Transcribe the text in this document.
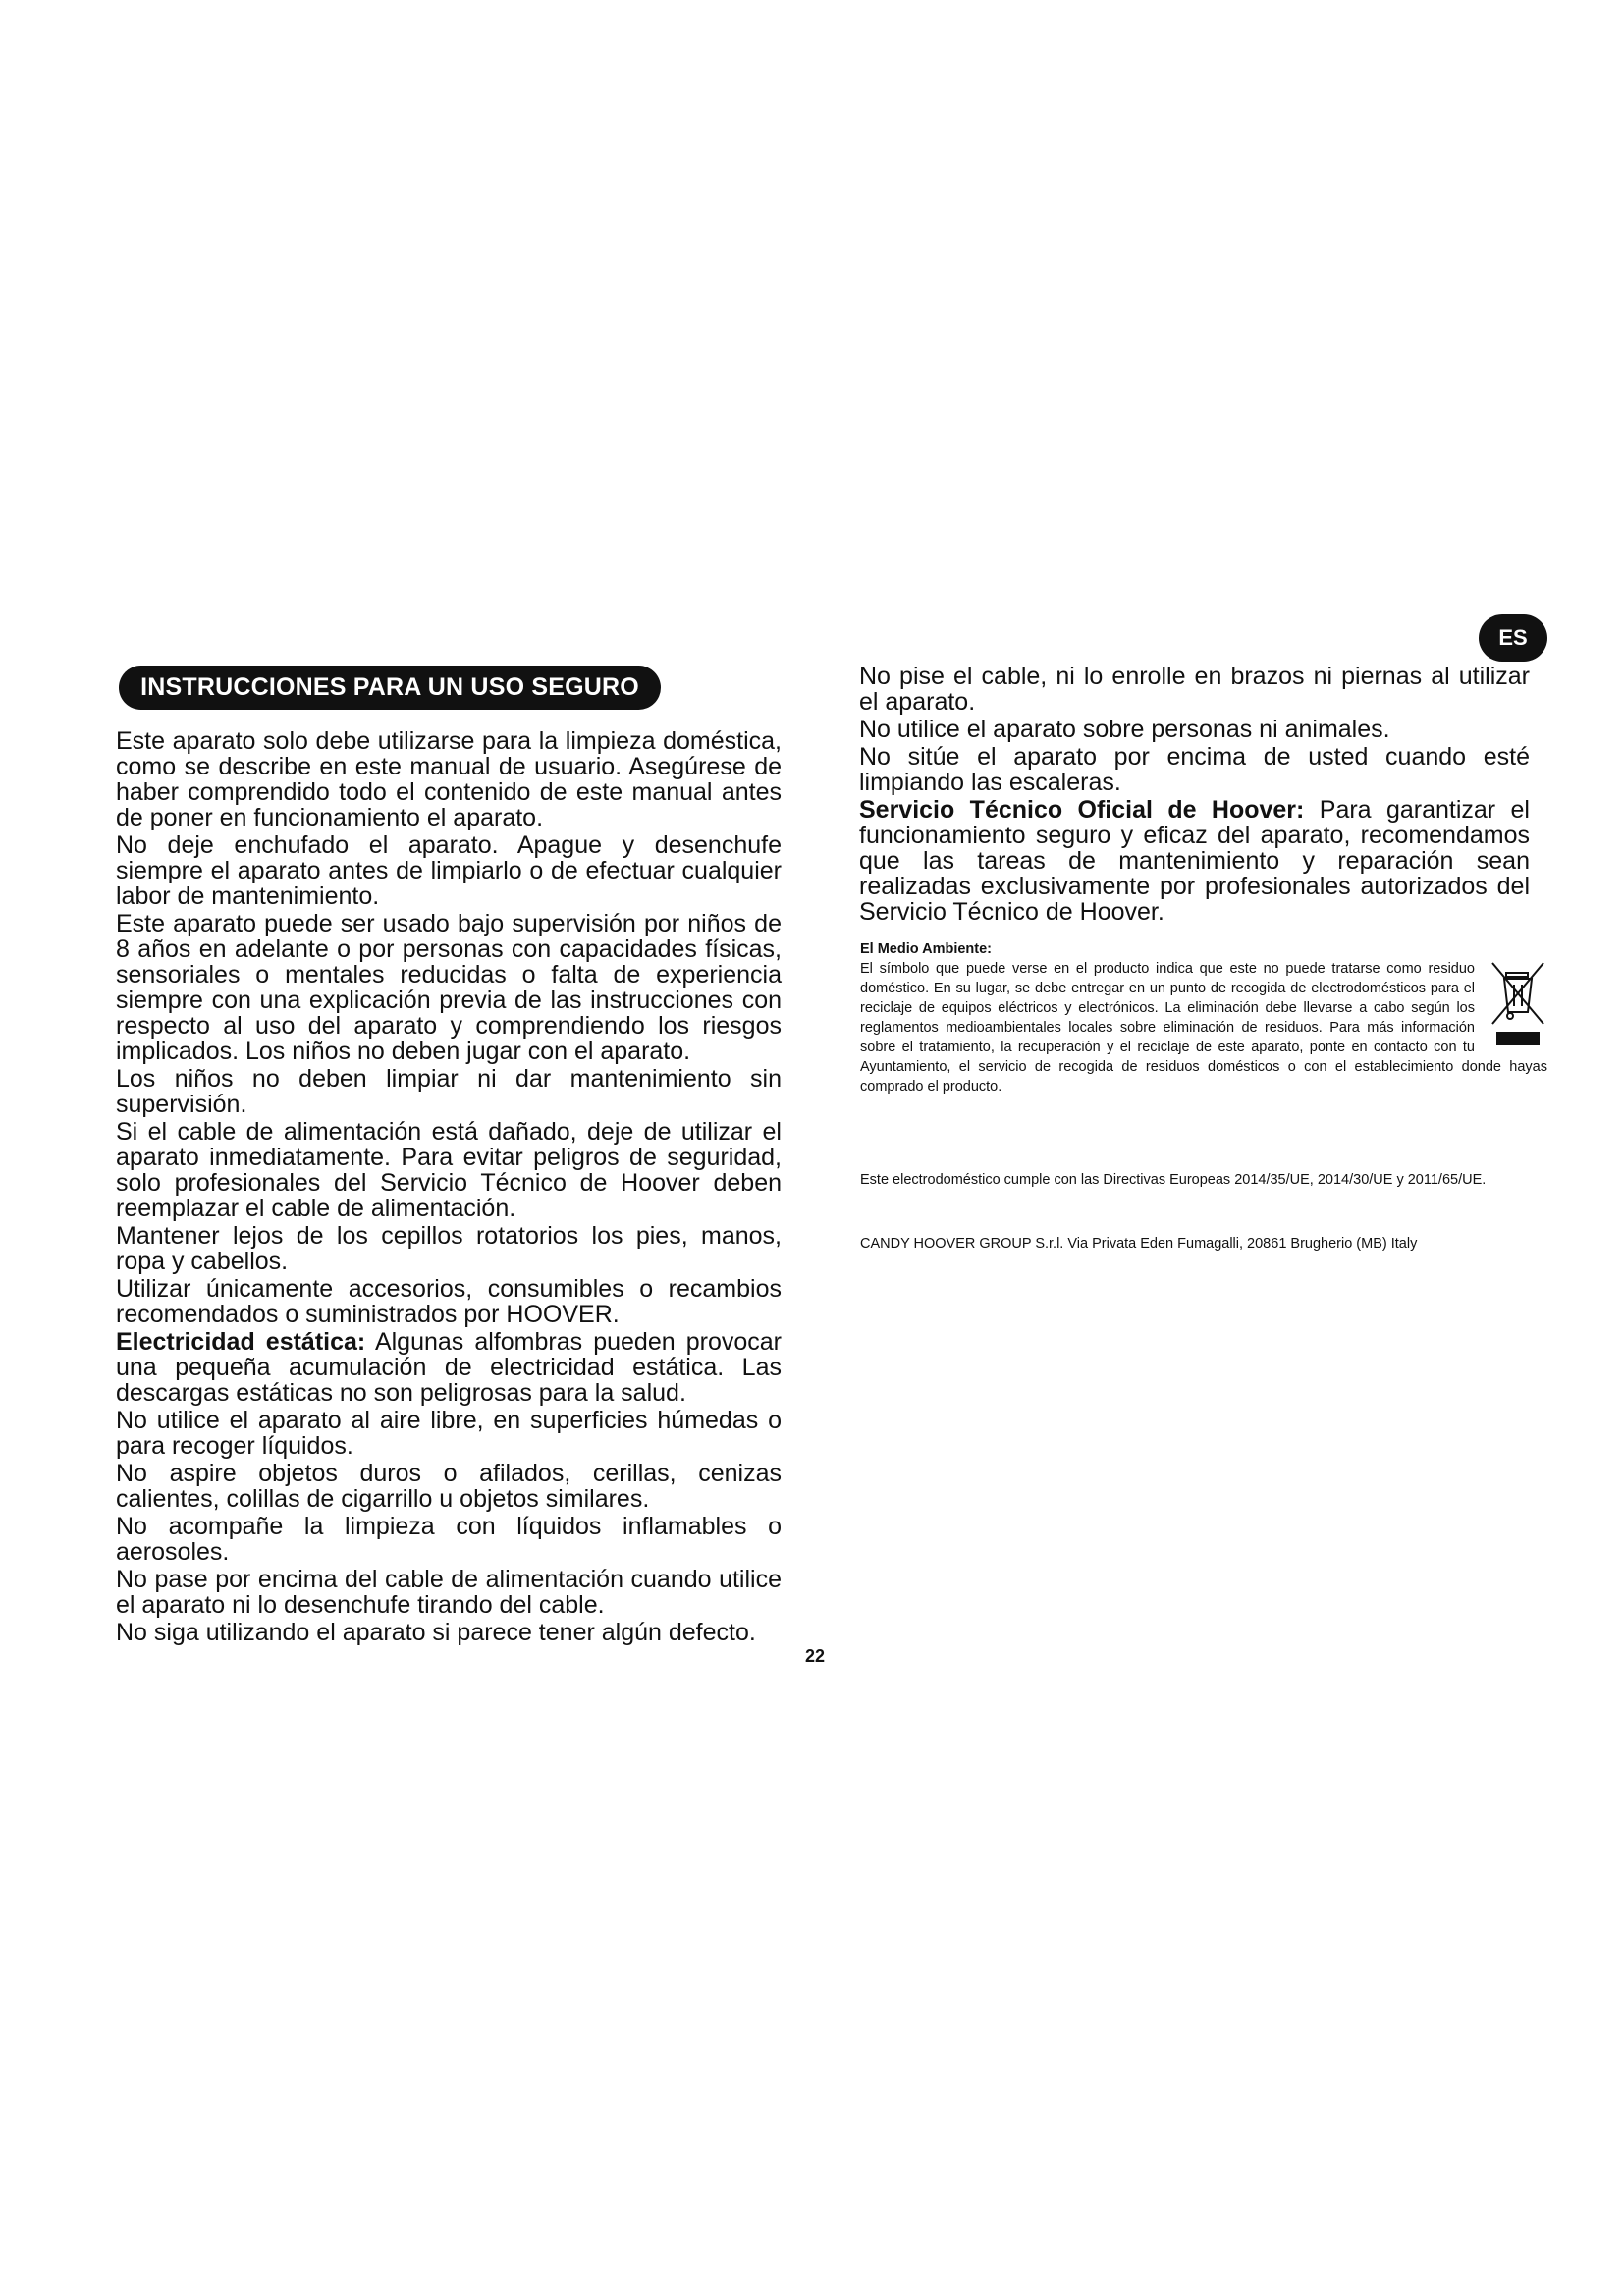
INSTRUCCIONES PARA UN USO SEGURO
ES

Este aparato solo debe utilizarse para la limpieza doméstica, como se describe en este manual de usuario. Asegúrese de haber comprendido todo el contenido de este manual antes de poner en funcionamiento el aparato.

No deje enchufado el aparato. Apague y desenchufe siempre el aparato antes de limpiarlo o de efectuar cualquier labor de mantenimiento.

Este aparato puede ser usado bajo supervisión por niños de 8 años en adelante o por personas con capacidades físicas, sensoriales o mentales reducidas o falta de experiencia siempre con una explicación previa de las instrucciones con respecto al uso del aparato y comprendiendo los riesgos implicados. Los niños no deben jugar con el aparato.

Los niños no deben limpiar ni dar mantenimiento sin supervisión.

Si el cable de alimentación está dañado, deje de utilizar el aparato inmediatamente. Para evitar peligros de seguridad, solo profesionales del Servicio Técnico de Hoover deben reemplazar el cable de alimentación.

Mantener lejos de los cepillos rotatorios los pies, manos, ropa y cabellos.

Utilizar únicamente accesorios, consumibles o recambios recomendados o suministrados por HOOVER.

Electricidad estática: Algunas alfombras pueden provocar una pequeña acumulación de electricidad estática. Las descargas estáticas no son peligrosas para la salud.

No utilice el aparato al aire libre, en superficies húmedas o para recoger líquidos.

No aspire objetos duros o afilados, cerillas, cenizas calientes, colillas de cigarrillo u objetos similares.

No acompañe la limpieza con líquidos inflamables o aerosoles.

No pase por encima del cable de alimentación cuando utilice el aparato ni lo desenchufe tirando del cable.

No siga utilizando el aparato si parece tener algún defecto.

No pise el cable, ni lo enrolle en brazos ni piernas al utilizar el aparato.

No utilice el aparato sobre personas ni animales.

No sitúe el aparato por encima de usted cuando esté limpiando las escaleras.

Servicio Técnico Oficial de Hoover: Para garantizar el funcionamiento seguro y eficaz del aparato, recomendamos que las tareas de mantenimiento y reparación sean realizadas exclusivamente por profesionales autorizados del Servicio Técnico de Hoover.

El Medio Ambiente:

El símbolo que puede verse en el producto indica que este no puede tratarse como residuo doméstico. En su lugar, se debe entregar en un punto de recogida de electrodomésticos para el reciclaje de equipos eléctricos y electrónicos. La eliminación debe llevarse a cabo según los reglamentos medioambientales locales sobre eliminación de residuos. Para más información sobre el tratamiento, la recuperación y el reciclaje de este aparato, ponte en contacto con tu Ayuntamiento, el servicio de recogida de residuos domésticos o con el establecimiento donde hayas comprado el producto.

Este electrodoméstico cumple con las Directivas Europeas 2014/35/UE, 2014/30/UE y 2011/65/UE.

CANDY HOOVER GROUP S.r.l. Via Privata Eden Fumagalli, 20861 Brugherio (MB) Italy

22
